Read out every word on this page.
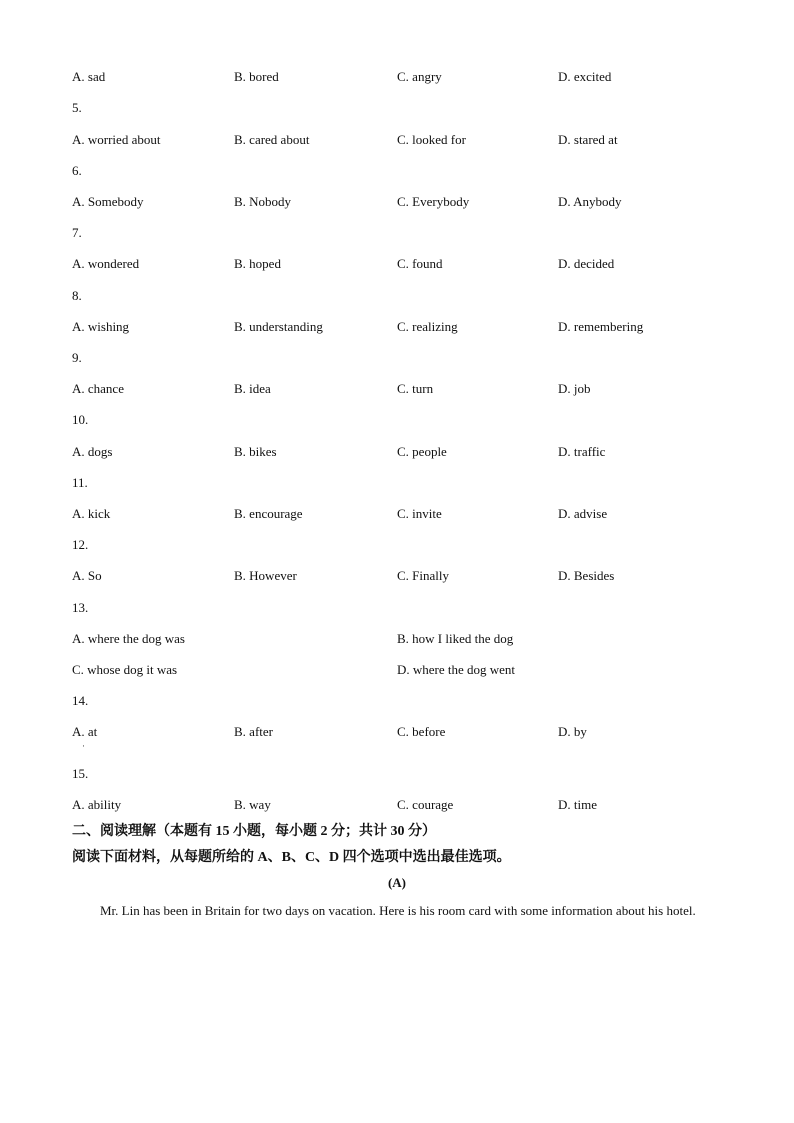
A. sad	B. bored	C. angry	D. excited
5.
A. worried about	B. cared about	C. looked for	D. stared at
6.
A. Somebody	B. Nobody	C. Everybody	D. Anybody
7.
A. wondered	B. hoped	C. found	D. decided
8.
A. wishing	B. understanding	C. realizing	D. remembering
9.
A. chance	B. idea	C. turn	D. job
10.
A. dogs	B. bikes	C. people	D. traffic
11.
A. kick	B. encourage	C. invite	D. advise
12.
A. So	B. However	C. Finally	D. Besides
13.
A. where the dog was	B. how I liked the dog
C. whose dog it was	D. where the dog went
14.
A. at	B. after	C. before	D. by
15.
A. ability	B. way	C. courage	D. time
·
二、阅读理解（本题有 15 小题，每小题 2 分；共计 30 分）
阅读下面材料，从每题所给的 A、B、C、D 四个选项中选出最佳选项。
(A)
Mr. Lin has been in Britain for two days on vacation. Here is his room card with some information about his hotel.
